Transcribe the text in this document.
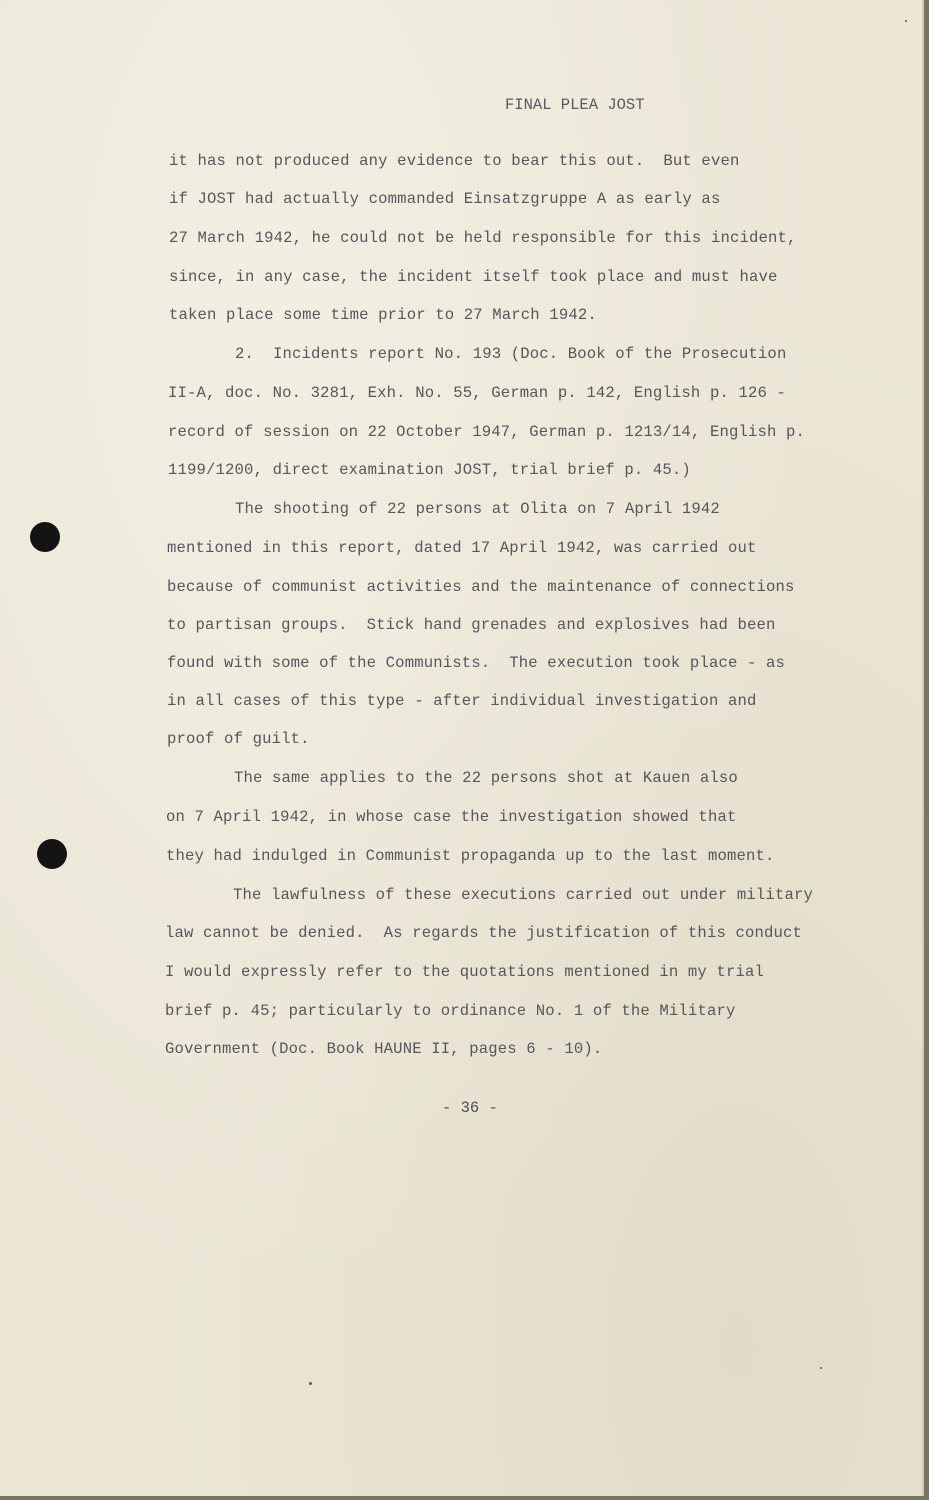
FINAL PLEA JOST
it has not produced any evidence to bear this out.  But even
if JOST had actually commanded Einsatzgruppe A as early as
27 March 1942, he could not be held responsible for this incident,
since, in any case, the incident itself took place and must have
taken place some time prior to 27 March 1942.
2.  Incidents report No. 193 (Doc. Book of the Prosecution
II-A, doc. No. 3281, Exh. No. 55, German p. 142, English p. 126 -
record of session on 22 October 1947, German p. 1213/14, English p.
1199/1200, direct examination JOST, trial brief p. 45.)
The shooting of 22 persons at Olita on 7 April 1942
mentioned in this report, dated 17 April 1942, was carried out
because of communist activities and the maintenance of connections
to partisan groups.  Stick hand grenades and explosives had been
found with some of the Communists.  The execution took place - as
in all cases of this type - after individual investigation and
proof of guilt.
The same applies to the 22 persons shot at Kauen also
on 7 April 1942, in whose case the investigation showed that
they had indulged in Communist propaganda up to the last moment.
The lawfulness of these executions carried out under military
law cannot be denied.  As regards the justification of this conduct
I would expressly refer to the quotations mentioned in my trial
brief p. 45; particularly to ordinance No. 1 of the Military
Government (Doc. Book HAUNE II, pages 6 - 10).
- 36 -
